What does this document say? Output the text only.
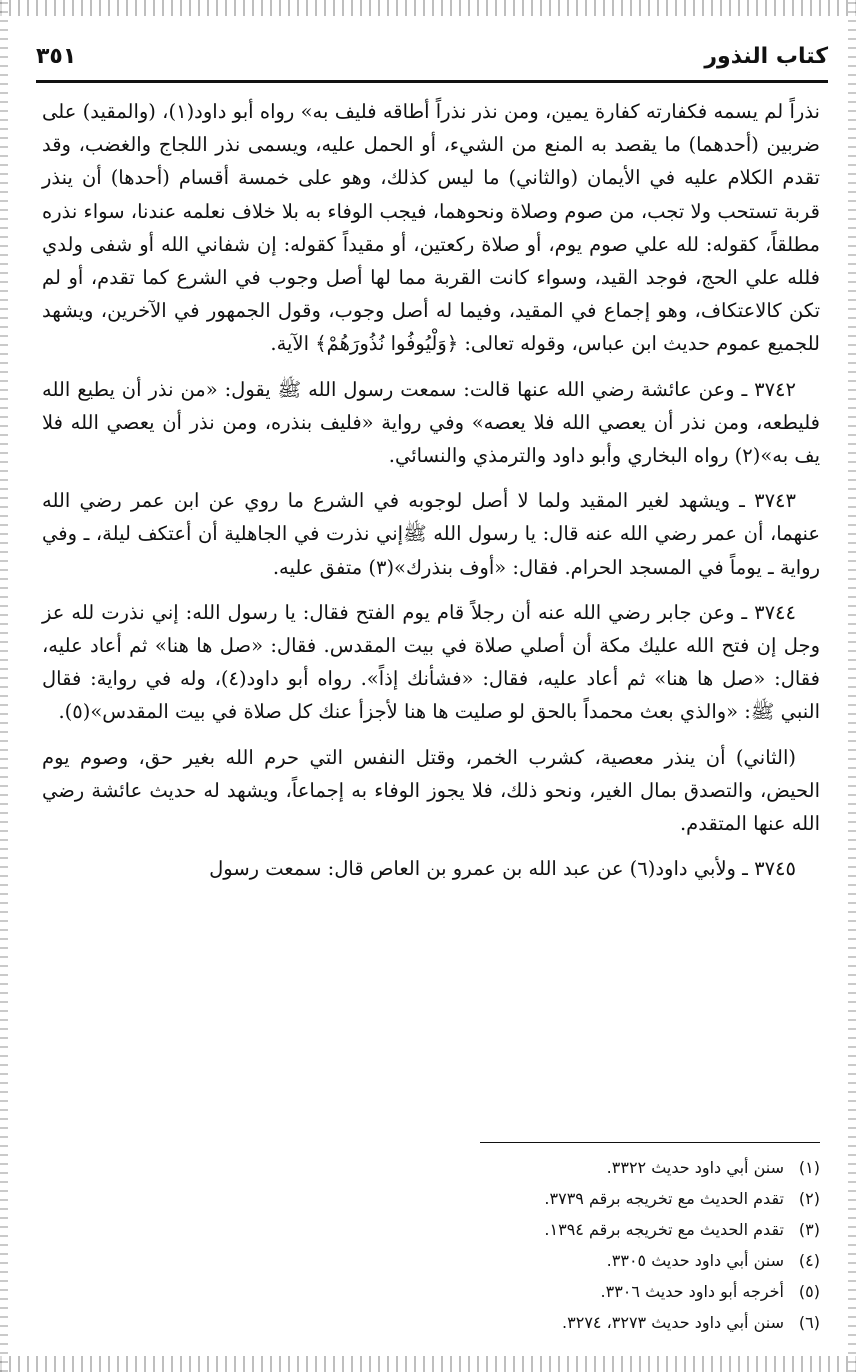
كتاب النذور
٣٥١

نذراً لم يسمه فكفارته كفارة يمين، ومن نذر نذراً أطاقه فليف به» رواه أبو داود(١)، (والمقيد) على ضربين (أحدهما) ما يقصد به المنع من الشيء، أو الحمل عليه، ويسمى نذر اللجاج والغضب، وقد تقدم الكلام عليه في الأيمان (والثاني) ما ليس كذلك، وهو على خمسة أقسام (أحدها) أن ينذر قربة تستحب ولا تجب، من صوم وصلاة ونحوهما، فيجب الوفاء به بلا خلاف نعلمه عندنا، سواء نذره مطلقاً، كقوله: لله علي صوم يوم، أو صلاة ركعتين، أو مقيداً كقوله: إن شفاني الله أو شفى ولدي فلله علي الحج، فوجد القيد، وسواء كانت القربة مما لها أصل وجوب في الشرع كما تقدم، أو لم تكن كالاعتكاف، وهو إجماع في المقيد، وفيما له أصل وجوب، وقول الجمهور في الآخرين، ويشهد للجميع عموم حديث ابن عباس، وقوله تعالى: ﴿وَلْيُوفُوا نُذُورَهُمْ﴾ الآية.

٣٧٤٢ ـ وعن عائشة رضي الله عنها قالت: سمعت رسول الله ﷺ يقول: «من نذر أن يطيع الله فليطعه، ومن نذر أن يعصي الله فلا يعصه» وفي رواية «فليف بنذره، ومن نذر أن يعصي الله فلا يف به»(٢) رواه البخاري وأبو داود والترمذي والنسائي.

٣٧٤٣ ـ ويشهد لغير المقيد ولما لا أصل لوجوبه في الشرع ما روي عن ابن عمر رضي الله عنهما، أن عمر رضي الله عنه قال: يا رسول الله ﷺإني نذرت في الجاهلية أن أعتكف ليلة، ـ وفي رواية ـ يوماً في المسجد الحرام. فقال: «أوف بنذرك»(٣) متفق عليه.

٣٧٤٤ ـ وعن جابر رضي الله عنه أن رجلاً قام يوم الفتح فقال: يا رسول الله: إني نذرت لله عز وجل إن فتح الله عليك مكة أن أصلي صلاة في بيت المقدس. فقال: «صل ها هنا» ثم أعاد عليه، فقال: «صل ها هنا» ثم أعاد عليه، فقال: «فشأنك إذاً». رواه أبو داود(٤)، وله في رواية: فقال النبي ﷺ: «والذي بعث محمداً بالحق لو صليت ها هنا لأجزأ عنك كل صلاة في بيت المقدس»(٥).

(الثاني) أن ينذر معصية، كشرب الخمر، وقتل النفس التي حرم الله بغير حق، وصوم يوم الحيض، والتصدق بمال الغير، ونحو ذلك، فلا يجوز الوفاء به إجماعاً، ويشهد له حديث عائشة رضي الله عنها المتقدم.

٣٧٤٥ ـ ولأبي داود(٦) عن عبد الله بن عمرو بن العاص قال: سمعت رسول

(١)
سنن أبي داود حديث ٣٣٢٢.
(٢)
تقدم الحديث مع تخريجه برقم ٣٧٣٩.
(٣)
تقدم الحديث مع تخريجه برقم ١٣٩٤.
(٤)
سنن أبي داود حديث ٣٣٠٥.
(٥)
أخرجه أبو داود حديث ٣٣٠٦.
(٦)
سنن أبي داود حديث ٣٢٧٣، ٣٢٧٤.
